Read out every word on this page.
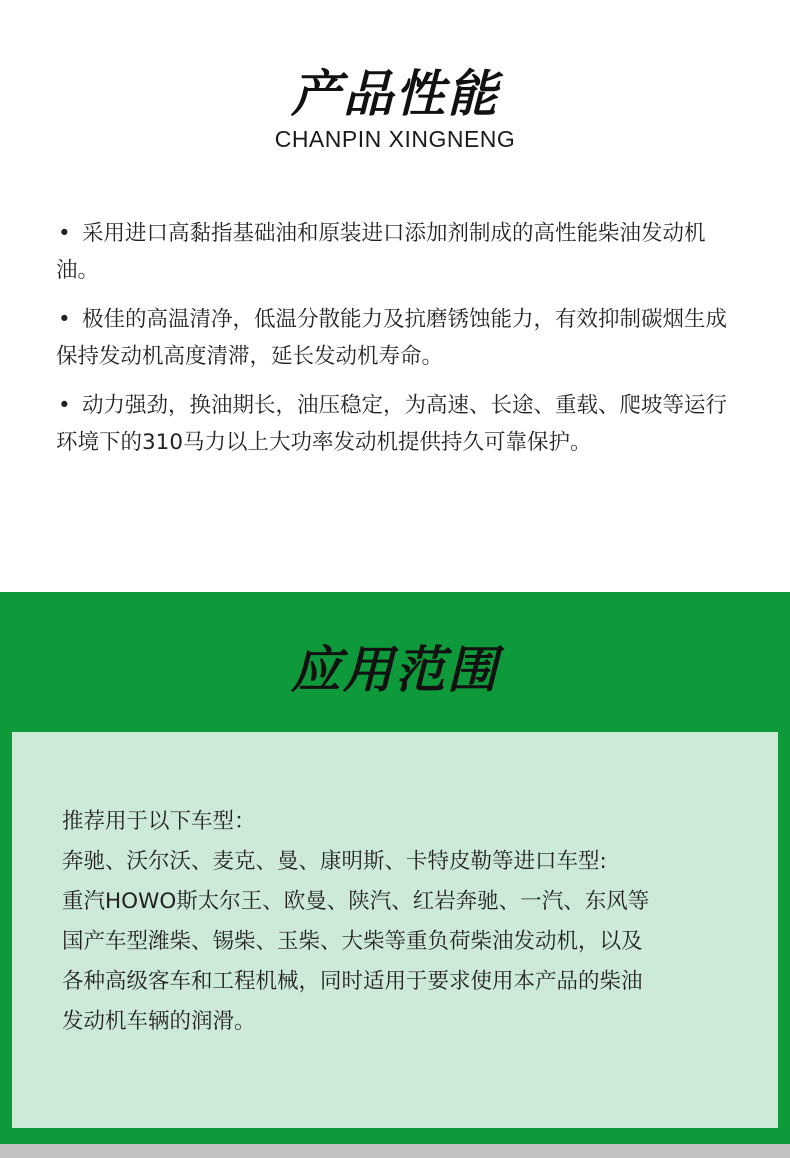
产品性能
CHANPIN XINGNENG
• 采用进口高黏指基础油和原装进口添加剂制成的高性能柴油发动机油。
• 极佳的高温清净，低温分散能力及抗磨锈蚀能力，有效抑制碳烟生成保持发动机高度清滞，延长发动机寿命。
• 动力强劲，换油期长，油压稳定，为高速、长途、重载、爬坡等运行环境下的310马力以上大功率发动机提供持久可靠保护。
应用范围
推荐用于以下车型：
奔驰、沃尔沃、麦克、曼、康明斯、卡特皮勒等进口车型:
重汽HOWO斯太尔王、欧曼、陕汽、红岩奔驰、一汽、东风等
国产车型潍柴、锡柴、玉柴、大柴等重负荷柴油发动机，以及
各种高级客车和工程机械，同时适用于要求使用本产品的柴油
发动机车辆的润滑。
